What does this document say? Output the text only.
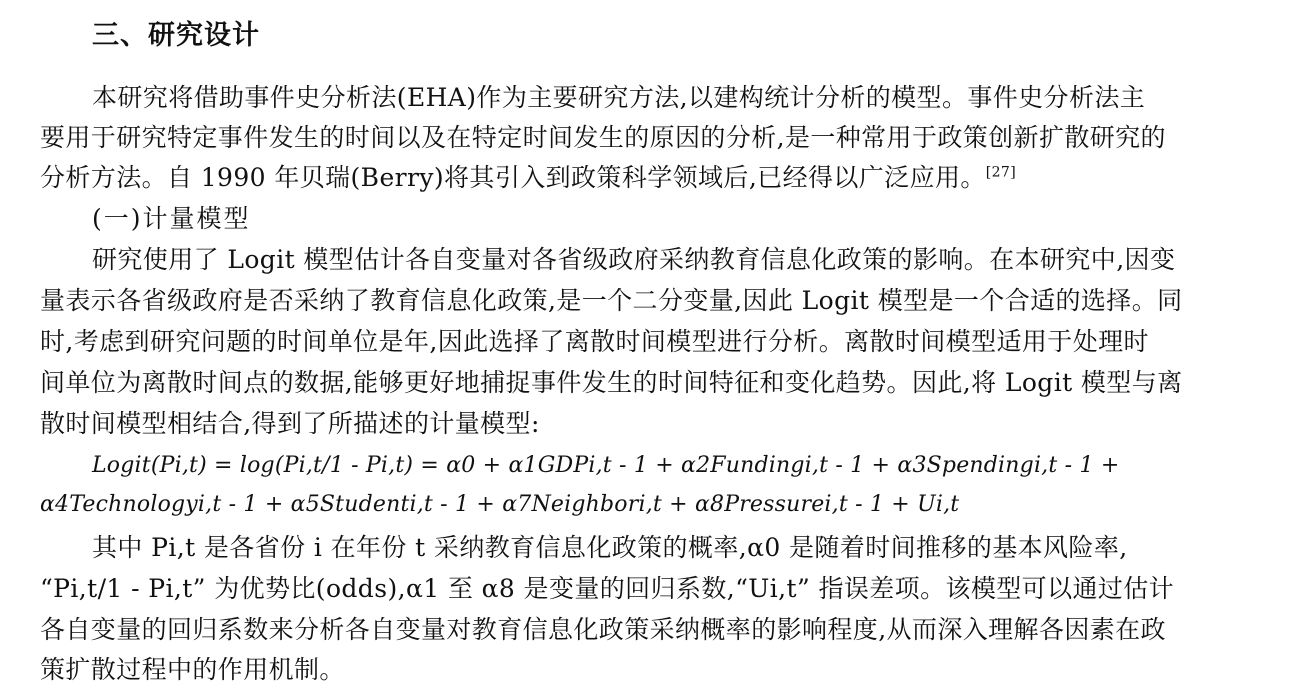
三、研究设计
本研究将借助事件史分析法(EHA)作为主要研究方法,以建构统计分析的模型。事件史分析法主
要用于研究特定事件发生的时间以及在特定时间发生的原因的分析,是一种常用于政策创新扩散研究的
分析方法。自 1990 年贝瑞(Berry)将其引入到政策科学领域后,已经得以广泛应用。[27]
(一)计量模型
研究使用了 Logit 模型估计各自变量对各省级政府采纳教育信息化政策的影响。在本研究中,因变
量表示各省级政府是否采纳了教育信息化政策,是一个二分变量,因此 Logit 模型是一个合适的选择。同
时,考虑到研究问题的时间单位是年,因此选择了离散时间模型进行分析。离散时间模型适用于处理时
间单位为离散时间点的数据,能够更好地捕捉事件发生的时间特征和变化趋势。因此,将 Logit 模型与离
散时间模型相结合,得到了所描述的计量模型:
Logit(Pi,t) = log(Pi,t/1 - Pi,t) = α0 + α1GDPi,t - 1 + α2Fundingi,t - 1 + α3Spendingi,t - 1 +
α4Technologyi,t - 1 + α5Studenti,t - 1 + α7Neighbori,t + α8Pressurei,t - 1 + Ui,t
其中 Pi,t 是各省份 i 在年份 t 采纳教育信息化政策的概率,α0 是随着时间推移的基本风险率,
“Pi,t/1 - Pi,t” 为优势比(odds),α1 至 α8 是变量的回归系数,“Ui,t” 指误差项。该模型可以通过估计
各自变量的回归系数来分析各自变量对教育信息化政策采纳概率的影响程度,从而深入理解各因素在政
策扩散过程中的作用机制。
